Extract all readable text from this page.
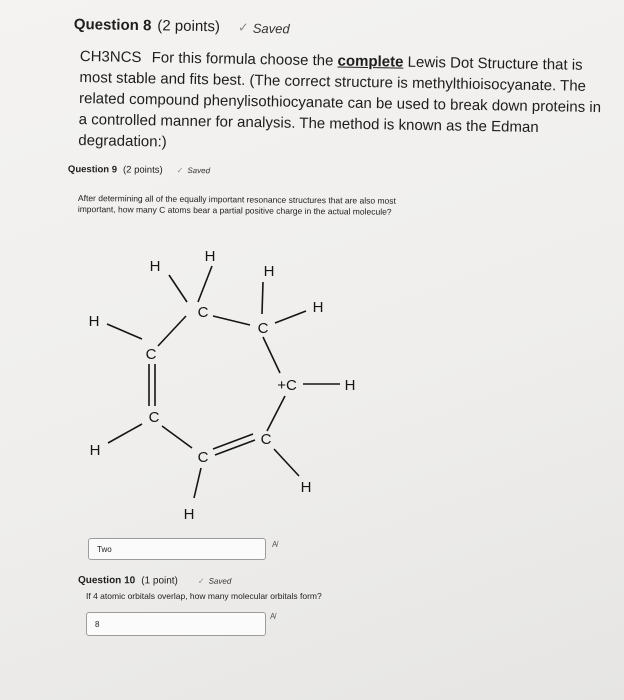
Question 8 (2 points) ✓ Saved
CH3NCS For this formula choose the complete Lewis Dot Structure that is most stable and fits best. (The correct structure is methylthioisocyanate. The related compound phenylisothiocyanate can be used to break down proteins in a controlled manner for analysis. The method is known as the Edman degradation:)
Question 9 (2 points) ✓ Saved
After determining all of the equally important resonance structures that are also most important, how many C atoms bear a partial positive charge in the actual molecule?
H
H	H
C	H
H	C
C
+C	H
C
H
C
C
H
H
Two	A̸
Question 10 (1 point) ✓ Saved
If 4 atomic orbitals overlap, how many molecular orbitals form?
8
A̸
